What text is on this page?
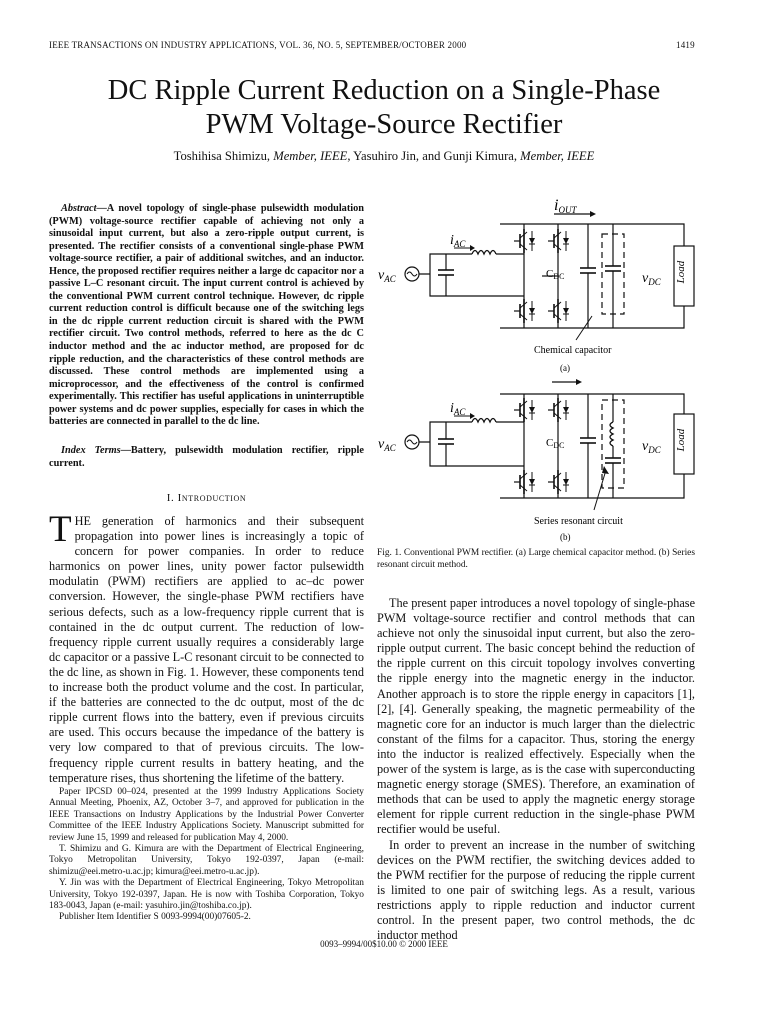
IEEE TRANSACTIONS ON INDUSTRY APPLICATIONS, VOL. 36, NO. 5, SEPTEMBER/OCTOBER 2000	1419
DC Ripple Current Reduction on a Single-Phase
PWM Voltage-Source Rectifier
Toshihisa Shimizu, Member, IEEE, Yasuhiro Jin, and Gunji Kimura, Member, IEEE
Abstract—A novel topology of single-phase pulsewidth modulation (PWM) voltage-source rectifier capable of achieving not only a sinusoidal input current, but also a zero-ripple output current, is presented. The rectifier consists of a conventional single-phase PWM voltage-source rectifier, a pair of additional switches, and an inductor. Hence, the proposed rectifier requires neither a large dc capacitor nor a passive L–C resonant circuit. The input current control is achieved by the conventional PWM current control technique. However, dc ripple current reduction control is difficult because one of the switching legs in the dc ripple current reduction circuit is shared with the PWM rectifier circuit. Two control methods, referred to here as the dc C inductor method and the ac inductor method, are proposed for dc ripple reduction, and the characteristics of these control methods are discussed. These control methods are implemented using a microprocessor, and the effectiveness of the control is confirmed experimentally. This rectifier has useful applications in uninterruptible power systems and dc power supplies, especially for cases in which the batteries are connected in parallel to the dc line.
Index Terms—Battery, pulsewidth modulation rectifier, ripple current.
I. Introduction
THE generation of harmonics and their subsequent propagation into power lines is increasingly a topic of concern for power companies. In order to reduce harmonics on power lines, unity power factor pulsewidth modulatin (PWM) rectifiers are applied to ac–dc power conversion. However, the single-phase PWM rectifiers have serious defects, such as a low-frequency ripple current that is contained in the dc output current. The reduction of low-frequency ripple current usually requires a considerably large dc capacitor or a passive L-C resonant circuit to be connected to the dc line, as shown in Fig. 1. However, these components tend to increase both the product volume and the cost. In particular, if the batteries are connected to the dc output, most of the dc ripple current flows into the battery, even if previous circuits are used. This occurs because the impedance of the battery is very low compared to that of previous circuits. The low-frequency ripple current results in battery heating, and the temperature rises, thus shortening the lifetime of the battery.

Paper IPCSD 00–024, presented at the 1999 Industry Applications Society Annual Meeting, Phoenix, AZ, October 3–7, and approved for publication in the IEEE Transactions on Industry Applications by the Industrial Power Converter Committee of the IEEE Industry Applications Society. Manuscript submitted for review June 15, 1999 and released for publication May 4, 2000.

T. Shimizu and G. Kimura are with the Department of Electrical Engineering, Tokyo Metropolitan University, Tokyo 192-0397, Japan (e-mail: shimizu@eei.metro-u.ac.jp; kimura@eei.metro-u.ac.jp).

Y. Jin was with the Department of Electrical Engineering, Tokyo Metropolitan University, Tokyo 192-0397, Japan. He is now with Toshiba Corporation, Tokyo 183-0043, Japan (e-mail: yasuhiro.jin@toshiba.co.jp).

Publisher Item Identifier S 0093-9994(00)07605-2.

iOUT
$i_{AC}$
$v_{AC}$	CDC	$v_{DC}$ Load
Chemical capacitor
(a)
$i_{AC}$
$v_{AC}$	CDC	$v_{DC}$ Load
Series resonant circuit
(b)
Fig. 1. Conventional PWM rectifier. (a) Large chemical capacitor method. (b) Series resonant circuit method.

The present paper introduces a novel topology of single-phase PWM voltage-source rectifier and control methods that can achieve not only the sinusoidal input current, but also the zero-ripple output current. The basic concept behind the reduction of the ripple current on this circuit topology involves converting the ripple energy into the magnetic energy in the inductor. Another approach is to store the ripple energy in capacitors [1], [2], [4]. Generally speaking, the magnetic permeability of the magnetic core for an inductor is much larger than the dielectric constant of the films for a capacitor. Thus, storing the energy into the inductor is realized effectively. Especially when the power of the system is large, as is the case with superconducting magnetic energy storage (SMES). Therefore, an examination of methods that can be used to apply the magnetic energy storage element for ripple current reduction in the single-phase PWM rectifier would be useful.

In order to prevent an increase in the number of switching devices on the PWM rectifier, the switching devices added to the PWM rectifier for the purpose of reducing the ripple current is limited to one pair of switching legs. As a result, various restrictions apply to ripple reduction and inductor current control. In the present paper, two control methods, the dc inductor method

0093–9994/00$10.00 © 2000 IEEE
